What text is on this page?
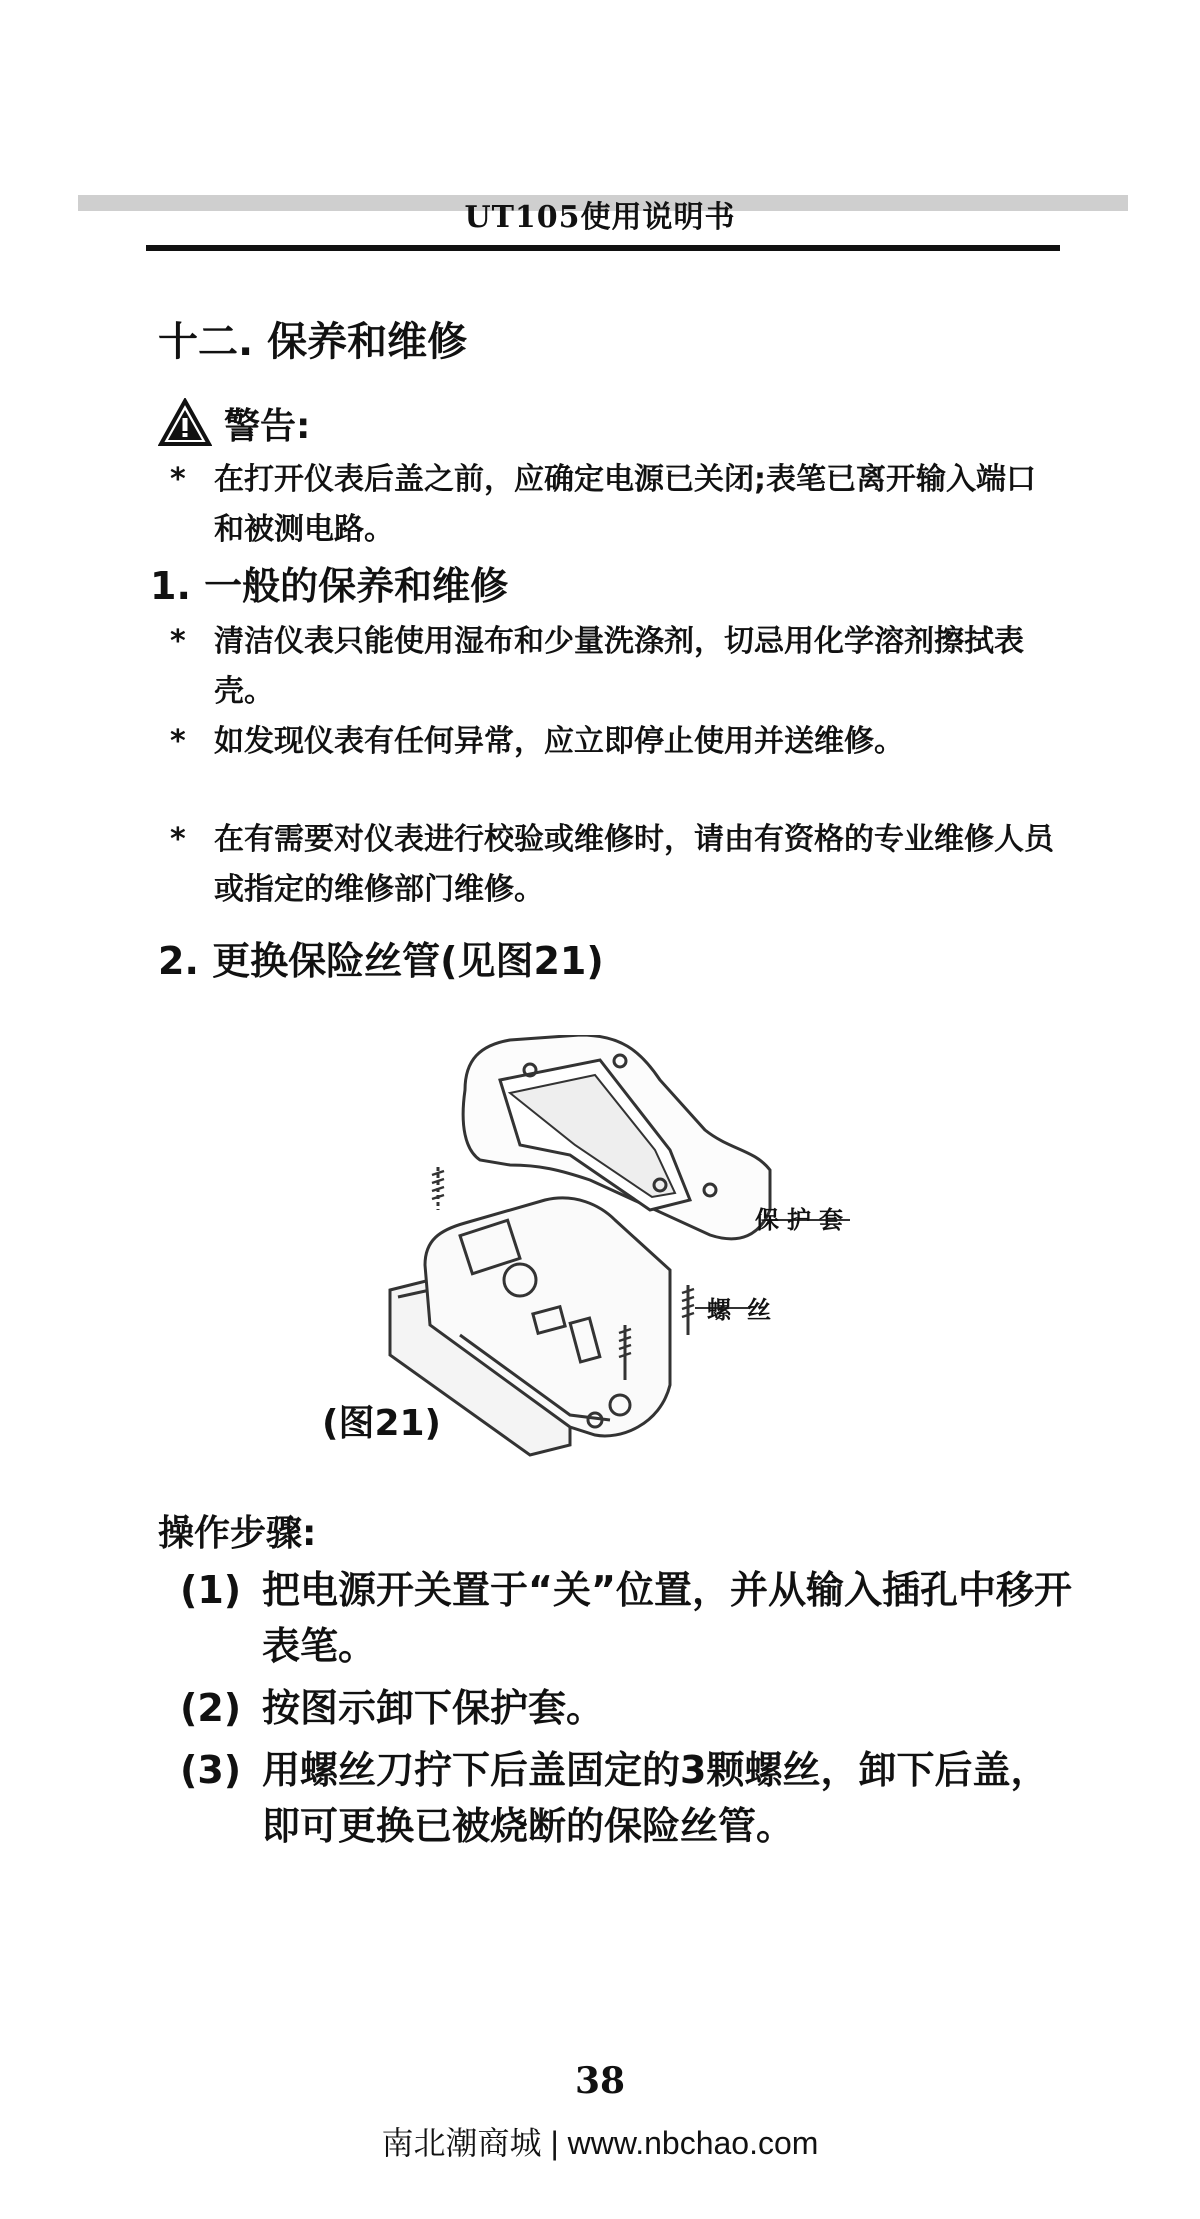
UT105使用说明书
十二. 保养和维修
警告:
* 在打开仪表后盖之前，应确定电源已关闭;表笔已离开输入端口和被测电路。
1. 一般的保养和维修
* 清洁仪表只能使用湿布和少量洗涤剂，切忌用化学溶剂擦拭表壳。
* 如发现仪表有任何异常，应立即停止使用并送维修。
* 在有需要对仪表进行校验或维修时，请由有资格的专业维修人员或指定的维修部门维修。
2. 更换保险丝管(见图21)
保护套
螺丝
(图21)
操作步骤:
(1) 把电源开关置于“关”位置，并从输入插孔中移开表笔。
(2) 按图示卸下保护套。
(3) 用螺丝刀拧下后盖固定的3颗螺丝，卸下后盖，即可更换已被烧断的保险丝管。
38
南北潮商城 | www.nbchao.com
